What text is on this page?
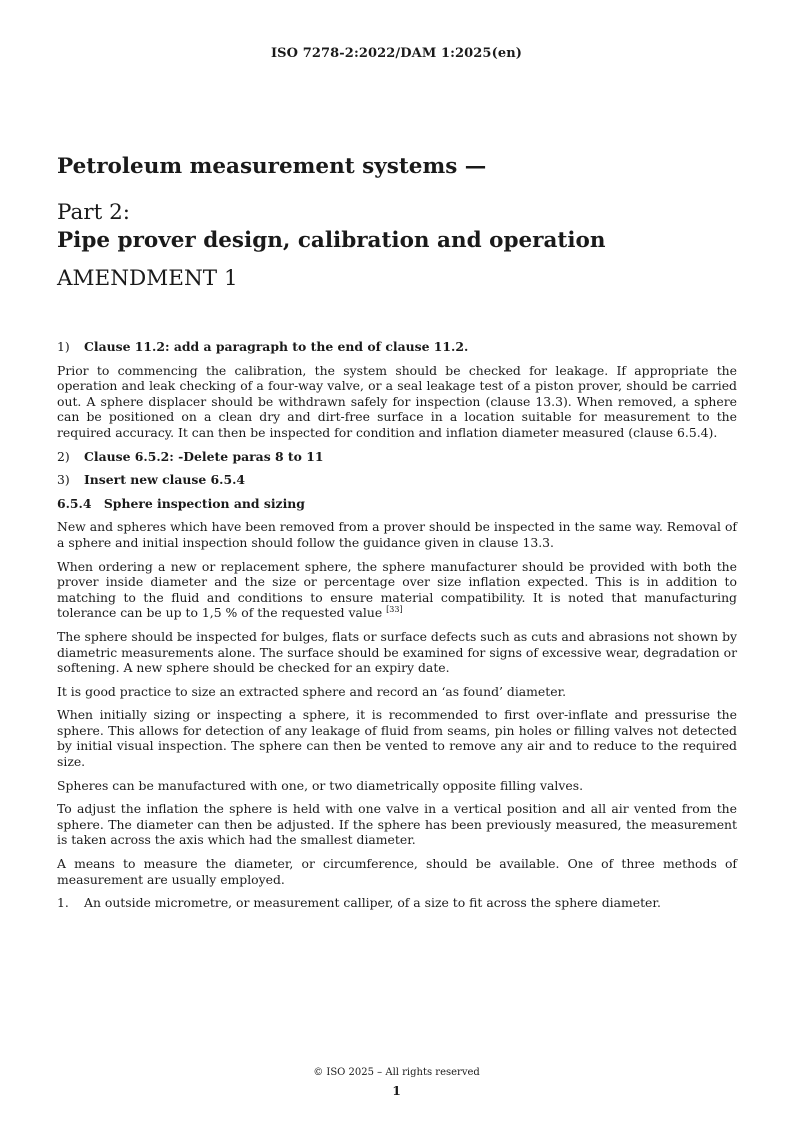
ISO 7278-2:2022/DAM 1:2025(en)
Petroleum measurement systems —
Part 2:
Pipe prover design, calibration and operation
AMENDMENT 1
1)	Clause 11.2: add a paragraph to the end of clause 11.2.

Prior to commencing the calibration, the system should be checked for leakage. If appropriate the operation and leak checking of a four-way valve, or a seal leakage test of a piston prover, should be carried out. A sphere displacer should be withdrawn safely for inspection (clause 13.3). When removed, a sphere can be positioned on a clean dry and dirt-free surface in a location suitable for measurement to the required accuracy. It can then be inspected for condition and inflation diameter measured (clause 6.5.4).

2)	Clause 6.5.2: -Delete paras 8 to 11
3)	Insert new clause 6.5.4
6.5.4 Sphere inspection and sizing

New and spheres which have been removed from a prover should be inspected in the same way. Removal of a sphere and initial inspection should follow the guidance given in clause 13.3.

When ordering a new or replacement sphere, the sphere manufacturer should be provided with both the prover inside diameter and the size or percentage over size inflation expected. This is in addition to matching to the fluid and conditions to ensure material compatibility. It is noted that manufacturing tolerance can be up to 1,5 % of the requested value [33]

The sphere should be inspected for bulges, flats or surface defects such as cuts and abrasions not shown by diametric measurements alone. The surface should be examined for signs of excessive wear, degradation or softening. A new sphere should be checked for an expiry date.

It is good practice to size an extracted sphere and record an ‘as found’ diameter.

When initially sizing or inspecting a sphere, it is recommended to first over-inflate and pressurise the sphere. This allows for detection of any leakage of fluid from seams, pin holes or filling valves not detected by initial visual inspection. The sphere can then be vented to remove any air and to reduce to the required size.

Spheres can be manufactured with one, or two diametrically opposite filling valves.

To adjust the inflation the sphere is held with one valve in a vertical position and all air vented from the sphere. The diameter can then be adjusted. If the sphere has been previously measured, the measurement is taken across the axis which had the smallest diameter.

A means to measure the diameter, or circumference, should be available. One of three methods of measurement are usually employed.

1.	An outside micrometre, or measurement calliper, of a size to fit across the sphere diameter.
© ISO 2025 – All rights reserved
1
